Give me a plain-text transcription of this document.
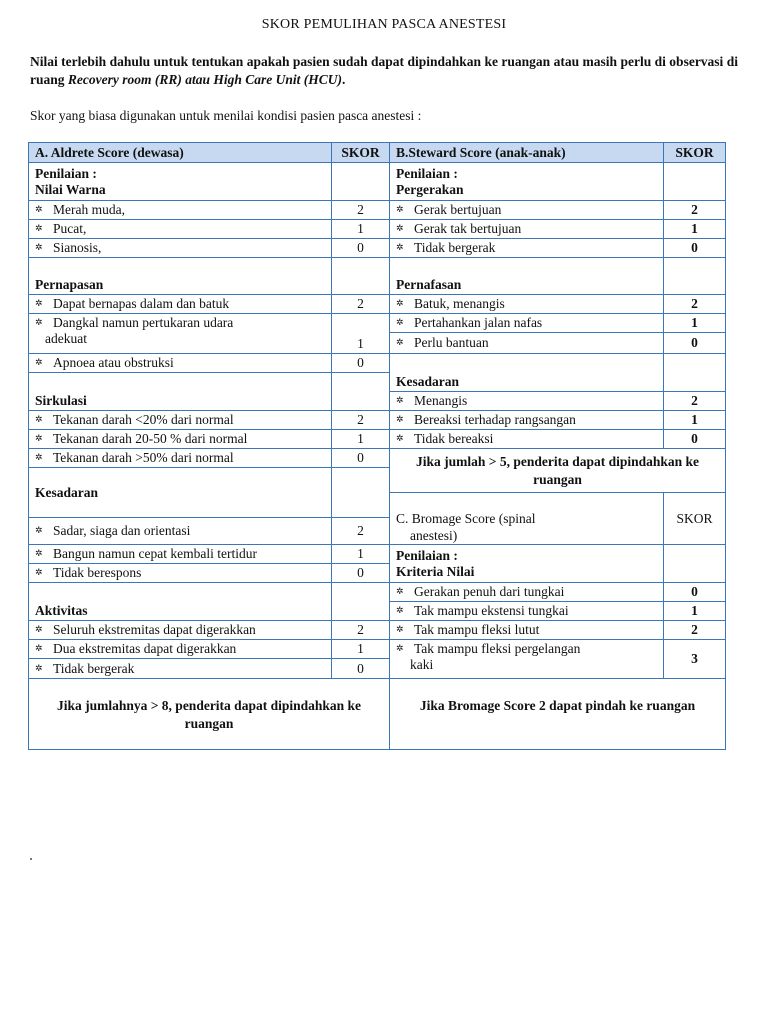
SKOR PEMULIHAN PASCA ANESTESI
Nilai terlebih dahulu untuk tentukan apakah pasien sudah dapat dipindahkan ke ruangan atau masih perlu di observasi di ruang Recovery room (RR) atau High Care Unit (HCU).
Skor yang biasa digunakan untuk menilai kondisi pasien pasca anestesi :
A. Aldrete Score (dewasa)	SKOR	B.Steward Score (anak-anak)	SKOR

Penilaian :
Nilai Warna		Penilaian :
Pergerakan	

✲ Merah muda,	2	✲ Gerak bertujuan	2
✲ Pucat,	1	✲ Gerak tak bertujuan	1
✲ Sianosis,	0	✲ Tidak bergerak	0
Pernapasan		Pernafasan	
✲ Dapat bernapas dalam dan batuk	2	✲ Batuk, menangis	2
✲ Dangkal namun pertukaran udara
adekuat	1	✲ Pertahankan jalan nafas	1
		✲ Perlu bantuan	0
✲ Apnoea atau obstruksi	0	Kesadaran	
Sirkulasi			
		✲ Menangis	2
✲ Tekanan darah <20% dari normal	2	✲ Bereaksi terhadap rangsangan	1
✲ Tekanan darah 20-50 % dari normal	1	✲ Tidak bereaksi	0
✲ Tekanan darah >50% dari normal	0	Jika jumlah > 5, penderita dapat dipindahkan ke ruangan	
Kesadaran			

		C. Bromage Score (spinal
anestesi)	SKOR
✲ Sadar, siaga dan orientasi	2		
✲ Bangun namun cepat kembali tertidur	1	Penilaian :
Kriteria Nilai	

✲ Tidak berespons	0		
Aktivitas		✲ Gerakan penuh dari tungkai	0
		✲ Tak mampu ekstensi tungkai	1
✲ Seluruh ekstremitas dapat digerakkan	2	✲ Tak mampu fleksi lutut	2
✲ Dua ekstremitas dapat digerakkan	1	✲ Tak mampu fleksi pergelangan
kaki	3
✲ Tidak bergerak	0		
Jika jumlahnya > 8, penderita dapat dipindahkan ke ruangan		Jika Bromage Score 2 dapat pindah ke ruangan	
